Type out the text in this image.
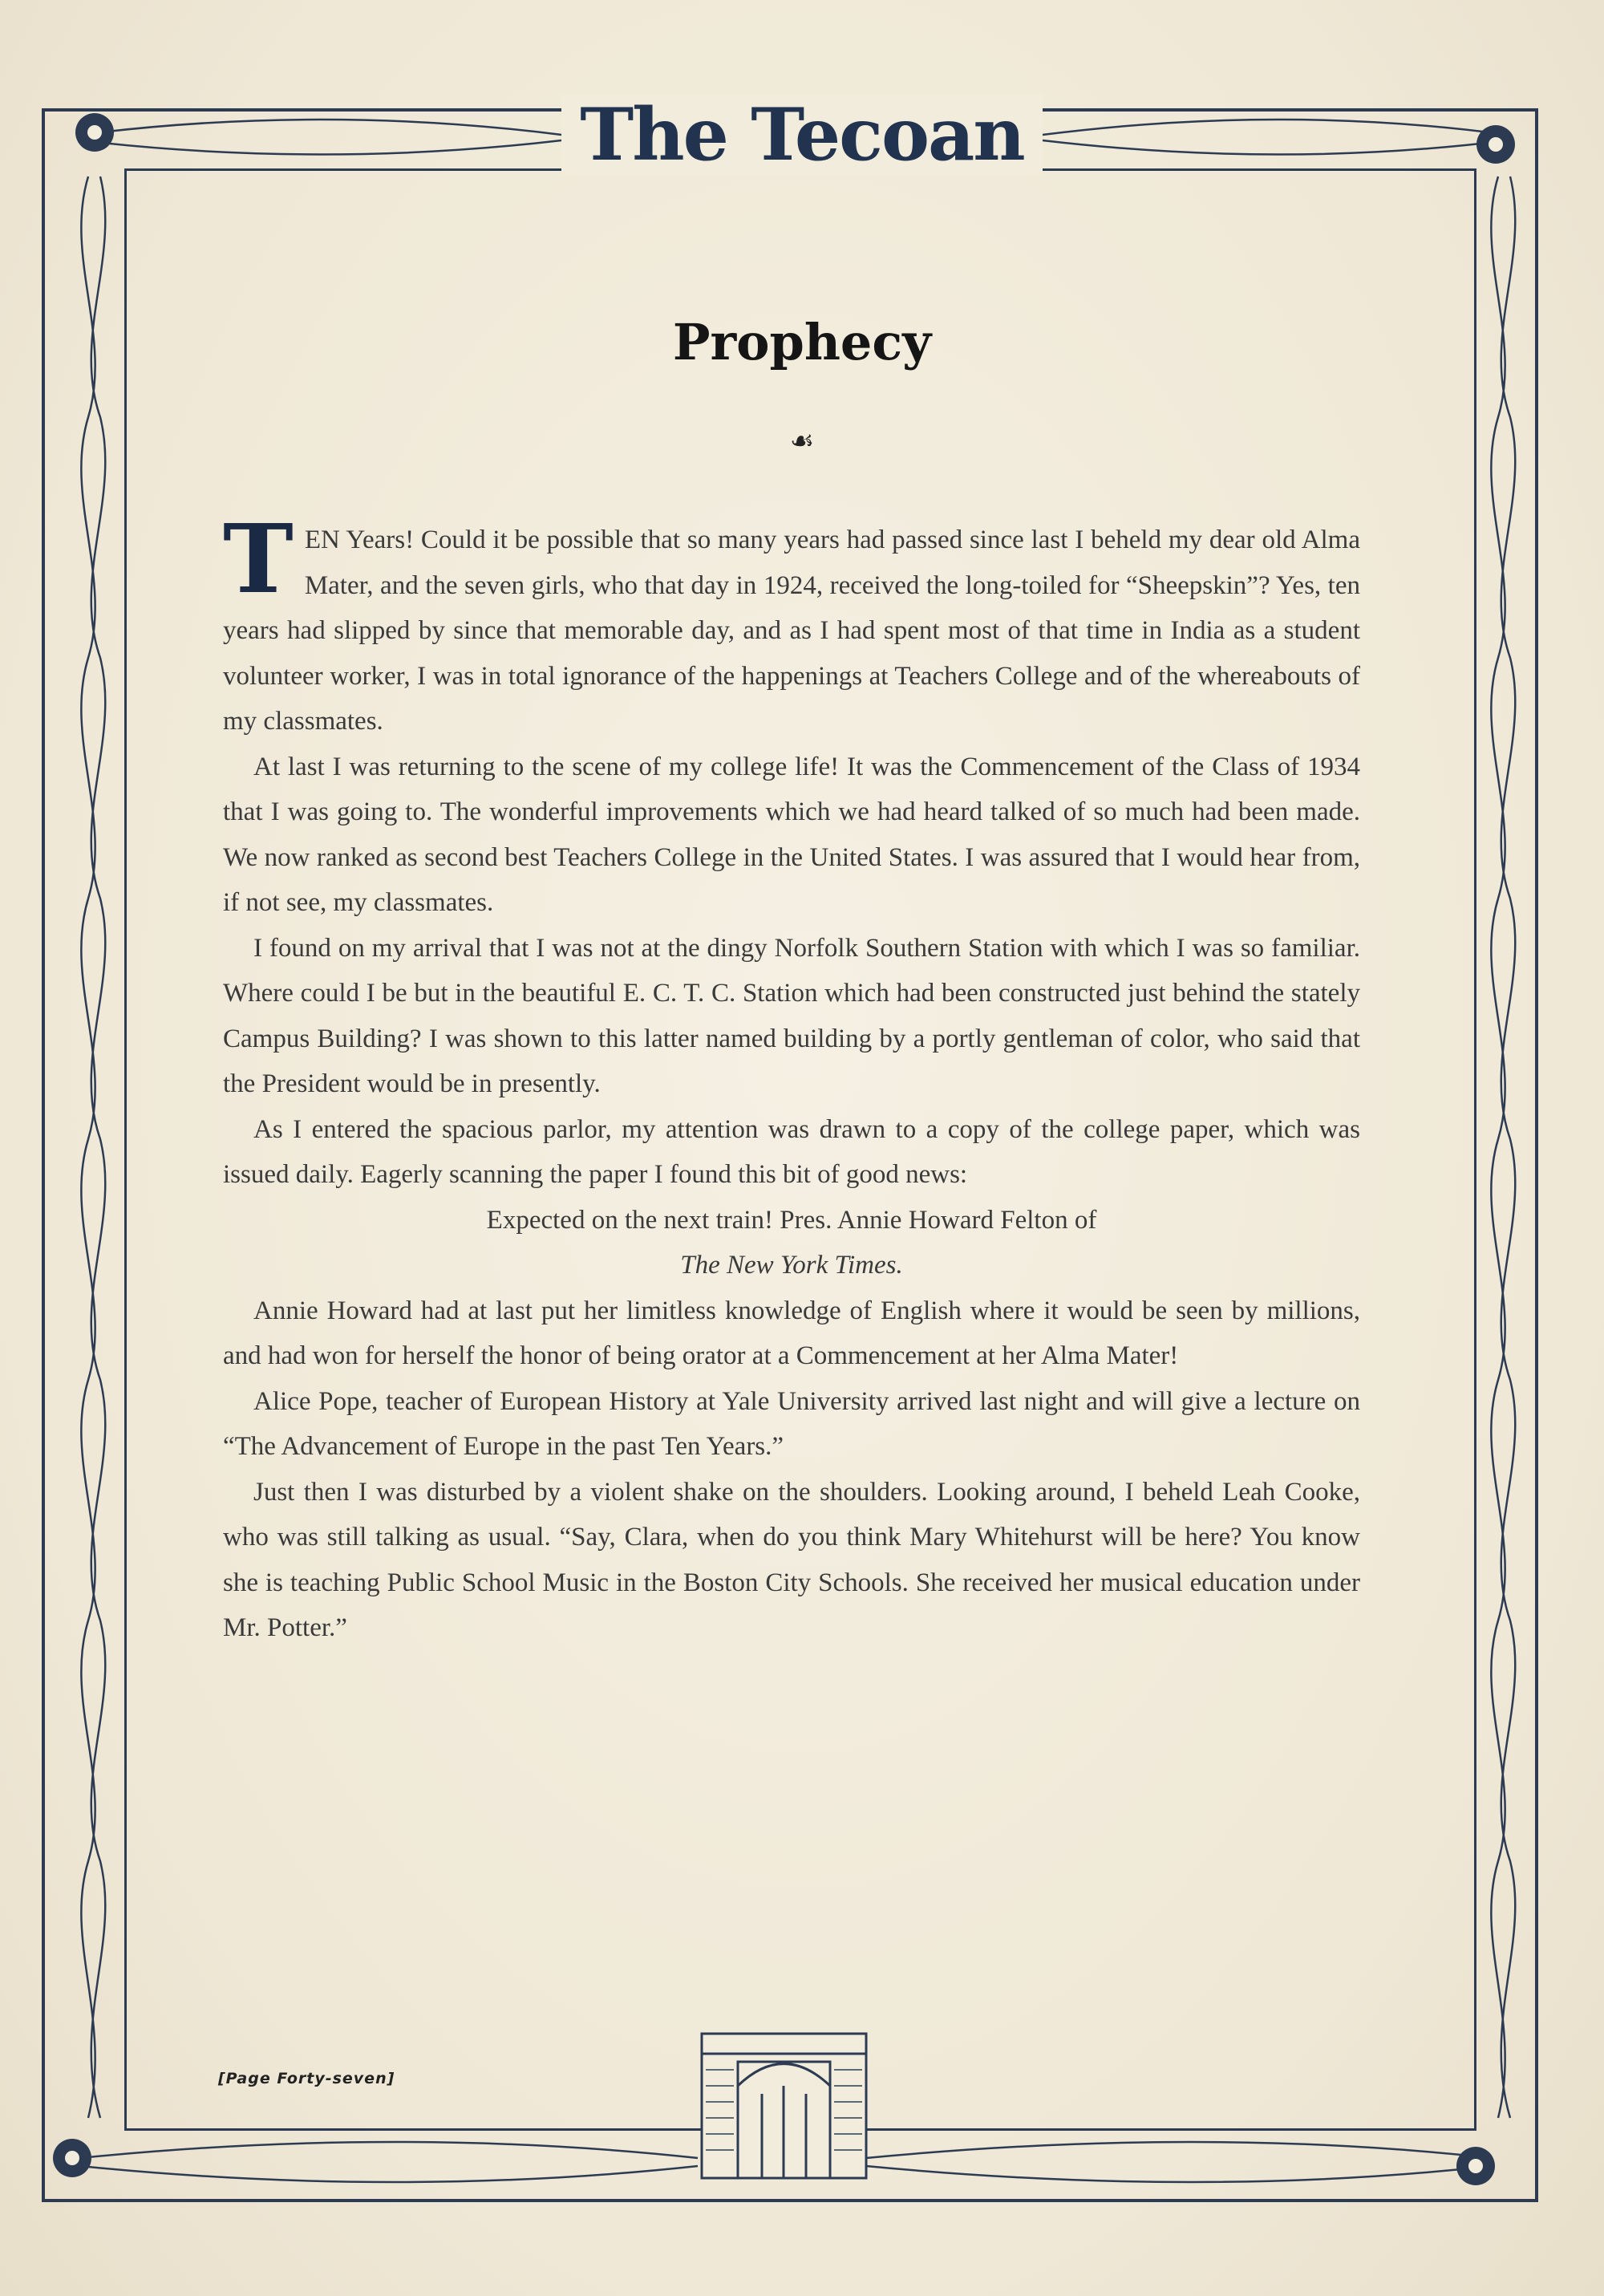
The Tecoan
Prophecy
☙

TEN Years! Could it be possible that so many years had passed since last I beheld my dear old Alma Mater, and the seven girls, who that day in 1924, received the long-toiled for “Sheepskin”? Yes, ten years had slipped by since that memorable day, and as I had spent most of that time in India as a student volunteer worker, I was in total ignorance of the happenings at Teachers College and of the whereabouts of my classmates.

At last I was returning to the scene of my college life! It was the Commencement of the Class of 1934 that I was going to. The wonderful improvements which we had heard talked of so much had been made. We now ranked as second best Teachers College in the United States. I was assured that I would hear from, if not see, my classmates.

I found on my arrival that I was not at the dingy Norfolk Southern Station with which I was so familiar. Where could I be but in the beautiful E. C. T. C. Station which had been constructed just behind the stately Campus Building? I was shown to this latter named building by a portly gentleman of color, who said that the President would be in presently.

As I entered the spacious parlor, my attention was drawn to a copy of the college paper, which was issued daily. Eagerly scanning the paper I found this bit of good news:

Expected on the next train! Pres. Annie Howard Felton of

The New York Times.

Annie Howard had at last put her limitless knowledge of English where it would be seen by millions, and had won for herself the honor of being orator at a Commencement at her Alma Mater!

Alice Pope, teacher of European History at Yale University arrived last night and will give a lecture on “The Advancement of Europe in the past Ten Years.”

Just then I was disturbed by a violent shake on the shoulders. Looking around, I beheld Leah Cooke, who was still talking as usual. “Say, Clara, when do you think Mary Whitehurst will be here? You know she is teaching Public School Music in the Boston City Schools. She received her musical education under Mr. Potter.”

[Page Forty-seven]
